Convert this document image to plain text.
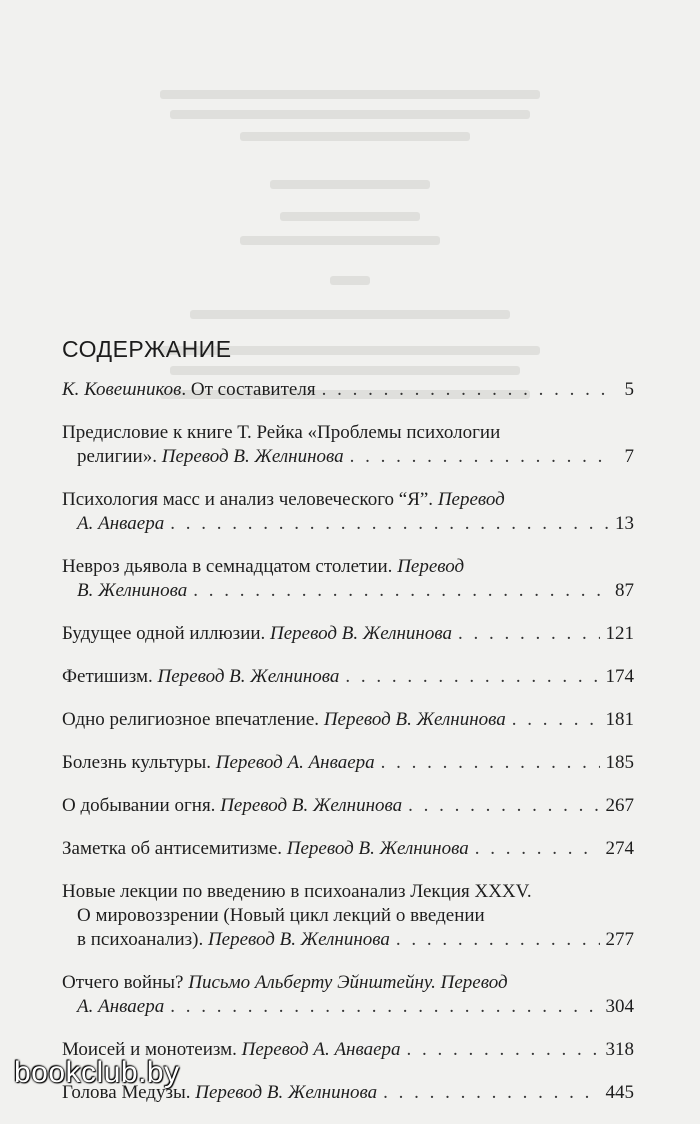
СОДЕРЖАНИЕ
К. Ковешников . От составителя . . .	5
Предисловие к книге Т. Рейка «Проблемы психологии
религии». Перевод В. Желнинова . . .	7
Психология масс и анализ человеческого “Я”. Перевод
А. Анваера . . .	13
Невроз дьявола в семнадцатом столетии. Перевод
В. Желнинова . . .	87
Будущее одной иллюзии. Перевод В. Желнинова . . .	121
Фетишизм. Перевод В. Желнинова . . .	174
Одно религиозное впечатление. Перевод В. Желнинова . . .	181
Болезнь культуры. Перевод А. Анваера . . .	185
О добывании огня. Перевод В. Желнинова . . .	267
Заметка об антисемитизме. Перевод В. Желнинова . . .	274
Новые лекции по введению в психоанализ Лекция XXXV.
О мировоззрении (Новый цикл лекций о введении
в психоанализ). Перевод В. Желнинова . . .	277
Отчего войны? Письмо Альберту Эйнштейну. Перевод
А. Анваера . . .	304
Моисей и монотеизм. Перевод А. Анваера . . .	318
Голова Медузы. Перевод В. Желнинова . . .	445
bookclub.by
